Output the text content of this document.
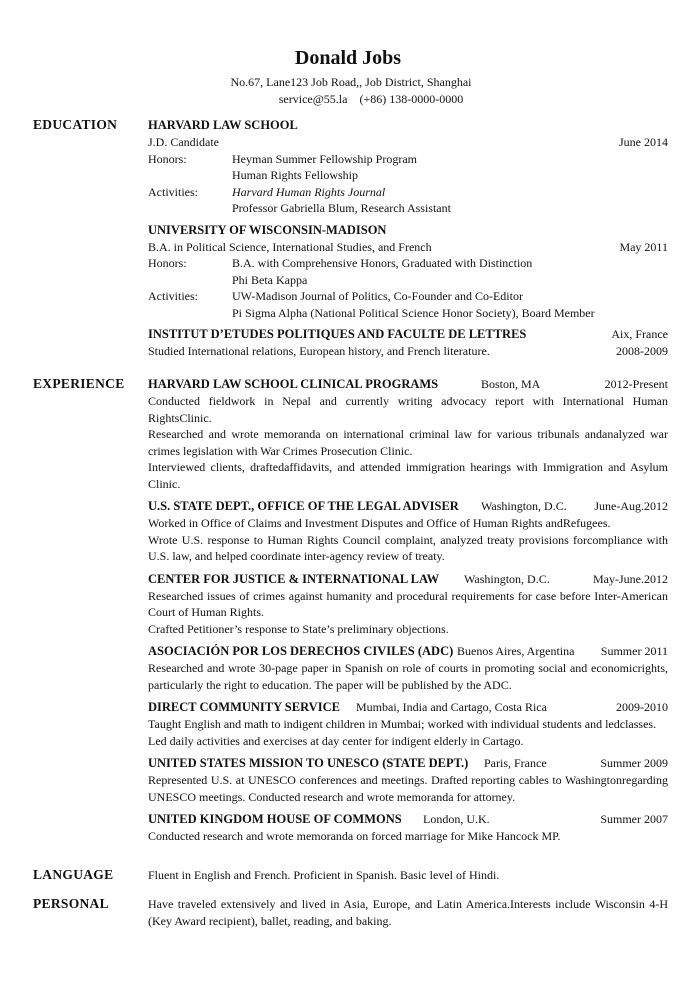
Donald Jobs
No.67, Lane123 Job Road,, Job District, Shanghai
service@55.la (+86) 138-0000-0000
EDUCATION HARVARD LAW SCHOOL
J.D. Candidate	June 2014
Honors:	Heyman Summer Fellowship Program
Human Rights Fellowship
Activities:	Harvard Human Rights Journal
Professor Gabriella Blum, Research Assistant
UNIVERSITY OF WISCONSIN-MADISON
B.A. in Political Science, International Studies, and French	May 2011
Honors:	B.A. with Comprehensive Honors, Graduated with Distinction
Phi Beta Kappa
Activities:	UW-Madison Journal of Politics, Co-Founder and Co-Editor
Pi Sigma Alpha (National Political Science Honor Society), Board Member
INSTITUT D’ETUDES POLITIQUES AND FACULTE DE LETTRES	Aix, France
Studied International relations, European history, and French literature.	2008-2009
EXPERIENCE HARVARD LAW SCHOOL CLINICAL PROGRAMS	Boston, MA	2012-Present

Conducted fieldwork in Nepal and currently writing advocacy report with International Human RightsClinic.

Researched and wrote memoranda on international criminal law for various tribunals andanalyzed war crimes legislation with War Crimes Prosecution Clinic.

Interviewed clients, draftedaffidavits, and attended immigration hearings with Immigration and Asylum Clinic.

U.S. STATE DEPT., OFFICE OF THE LEGAL ADVISER Washington, D.C. June-Aug.2012

Worked in Office of Claims and Investment Disputes and Office of Human Rights andRefugees.

Wrote U.S. response to Human Rights Council complaint, analyzed treaty provisions forcompliance with U.S. law, and helped coordinate inter-agency review of treaty.

CENTER FOR JUSTICE & INTERNATIONAL LAW Washington, D.C.	May-June.2012

Researched issues of crimes against humanity and procedural requirements for case before Inter-American Court of Human Rights.

Crafted Petitioner’s response to State’s preliminary objections.

ASOCIACIÓN POR LOS DERECHOS CIVILES (ADC) Buenos Aires, Argentina Summer 2011

Researched and wrote 30-page paper in Spanish on role of courts in promoting social and economicrights, particularly the right to education. The paper will be published by the ADC.

DIRECT COMMUNITY SERVICE Mumbai, India and Cartago, Costa Rica	2009-2010

Taught English and math to indigent children in Mumbai; worked with individual students and ledclasses.

Led daily activities and exercises at day center for indigent elderly in Cartago.

UNITED STATES MISSION TO UNESCO (STATE DEPT.) Paris, France	Summer 2009

Represented U.S. at UNESCO conferences and meetings. Drafted reporting cables to Washingtonregarding UNESCO meetings. Conducted research and wrote memoranda for attorney.

UNITED KINGDOM HOUSE OF COMMONS London, U.K.	Summer 2007

Conducted research and wrote memoranda on forced marriage for Mike Hancock MP.

LANGUAGE	Fluent in English and French. Proficient in Spanish. Basic level of Hindi.

PERSONAL	Have traveled extensively and lived in Asia, Europe, and Latin America.Interests include Wisconsin 4-H (Key Award recipient), ballet, reading, and baking.
